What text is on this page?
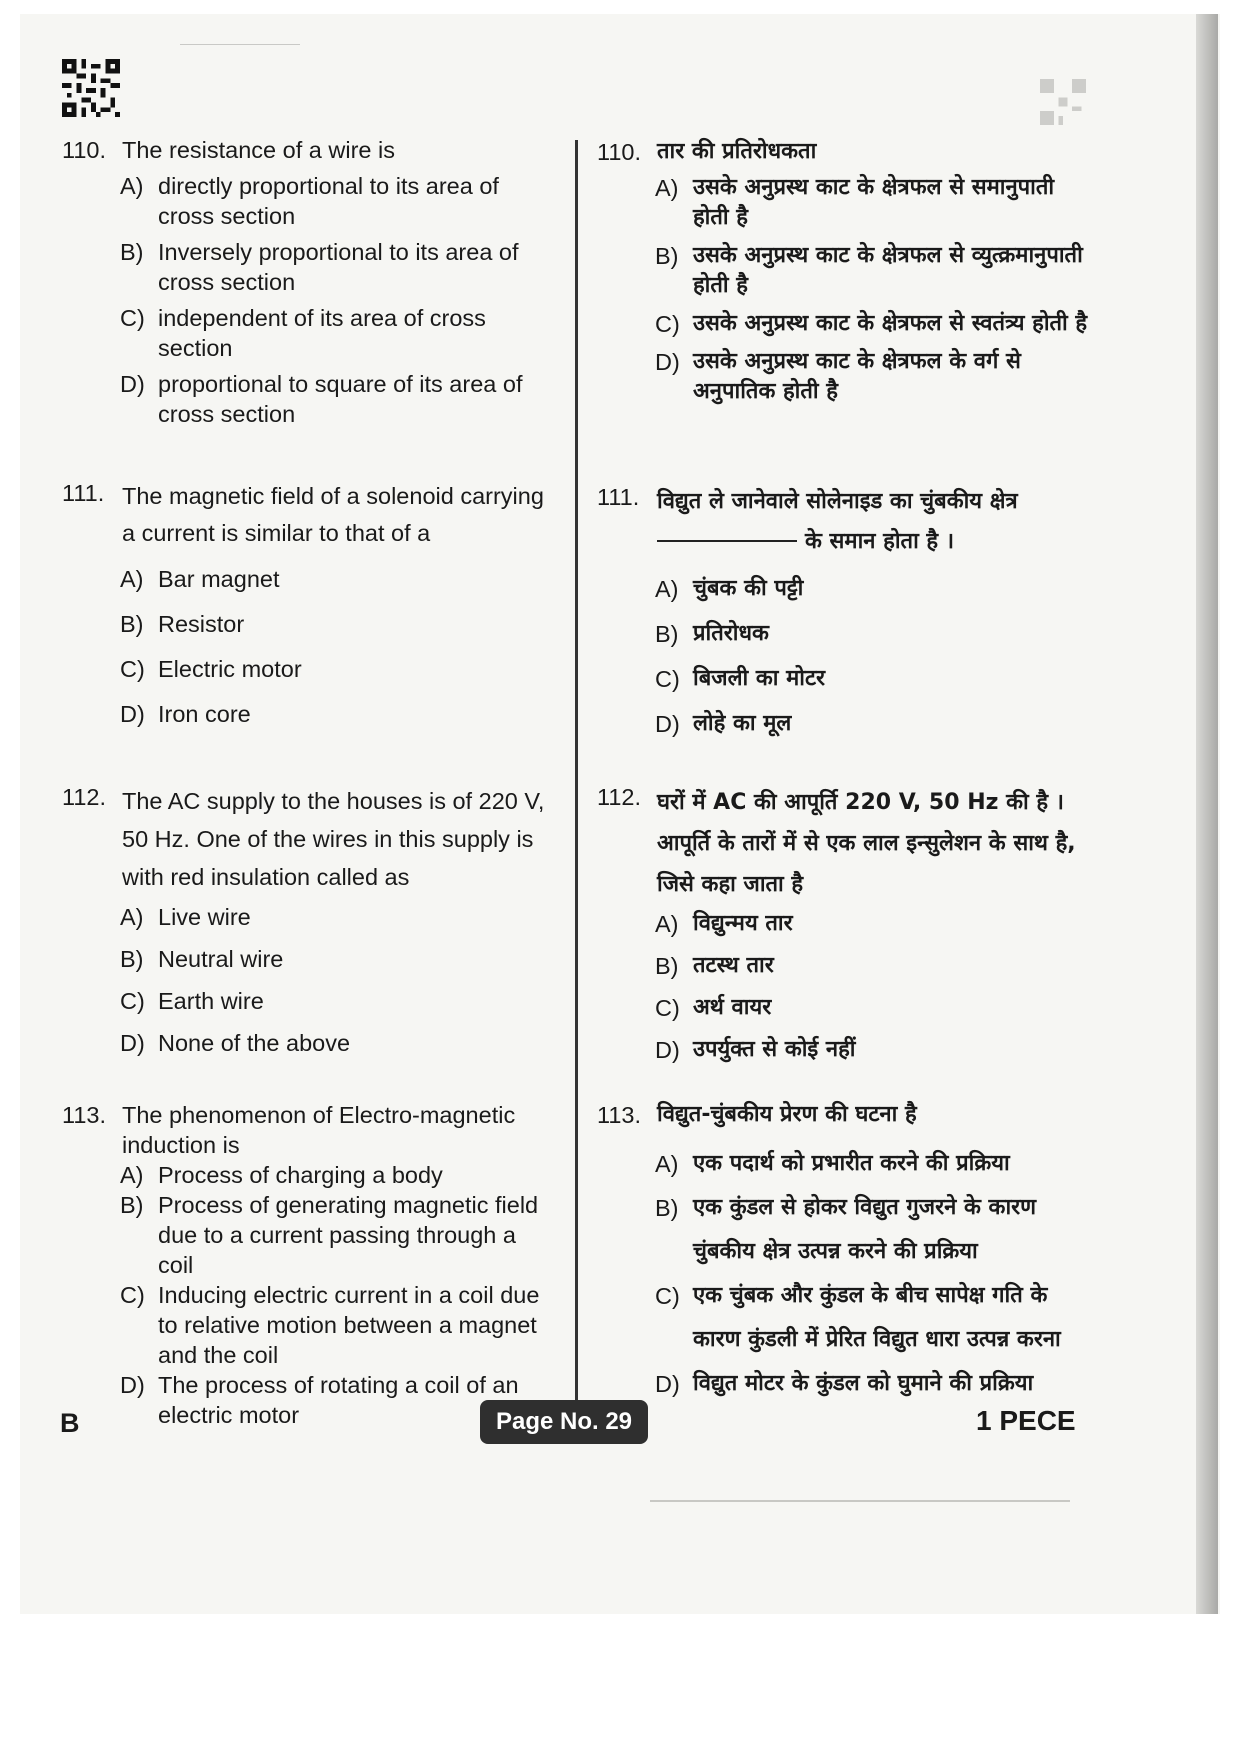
110. The resistance of a wire is
A) directly proportional to its area of cross section
B) Inversely proportional to its area of cross section
C) independent of its area of cross section
D) proportional to square of its area of cross section
110. तार की प्रतिरोधकता
A) उसके अनुप्रस्थ काट के क्षेत्रफल से समानुपाती होती है
B) उसके अनुप्रस्थ काट के क्षेत्रफल से व्युत्क्रमानुपाती होती है
C) उसके अनुप्रस्थ काट के क्षेत्रफल से स्वतंत्र्य होती है
D) उसके अनुप्रस्थ काट के क्षेत्रफल के वर्ग से अनुपातिक होती है
111. The magnetic field of a solenoid carrying a current is similar to that of a
A) Bar magnet
B) Resistor
C) Electric motor
D) Iron core
111. विद्युत ले जानेवाले सोलेनाइड का चुंबकीय क्षेत्र
के समान होता है ।
A) चुंबक की पट्टी
B) प्रतिरोधक
C) बिजली का मोटर
D) लोहे का मूल
112. The AC supply to the houses is of 220 V, 50 Hz. One of the wires in this supply is with red insulation called as
A) Live wire
B) Neutral wire
C) Earth wire
D) None of the above
112. घरों में AC की आपूर्ति 220 V, 50 Hz की है । आपूर्ति के तारों में से एक लाल इन्सुलेशन के साथ है, जिसे कहा जाता है
A) विद्युन्मय तार
B) तटस्थ तार
C) अर्थ वायर
D) उपर्युक्त से कोई नहीं
113. The phenomenon of Electro-magnetic induction is
A) Process of charging a body
B) Process of generating magnetic field due to a current passing through a coil
C) Inducing electric current in a coil due to relative motion between a magnet and the coil
D) The process of rotating a coil of an electric motor
113. विद्युत-चुंबकीय प्रेरण की घटना है
A) एक पदार्थ को प्रभारीत करने की प्रक्रिया
B) एक कुंडल से होकर विद्युत गुजरने के कारण चुंबकीय क्षेत्र उत्पन्न करने की प्रक्रिया
C) एक चुंबक और कुंडल के बीच सापेक्ष गति के कारण कुंडली में प्रेरित विद्युत धारा उत्पन्न करना
D) विद्युत मोटर के कुंडल को घुमाने की प्रक्रिया
B	Page No. 29	1 PECE
